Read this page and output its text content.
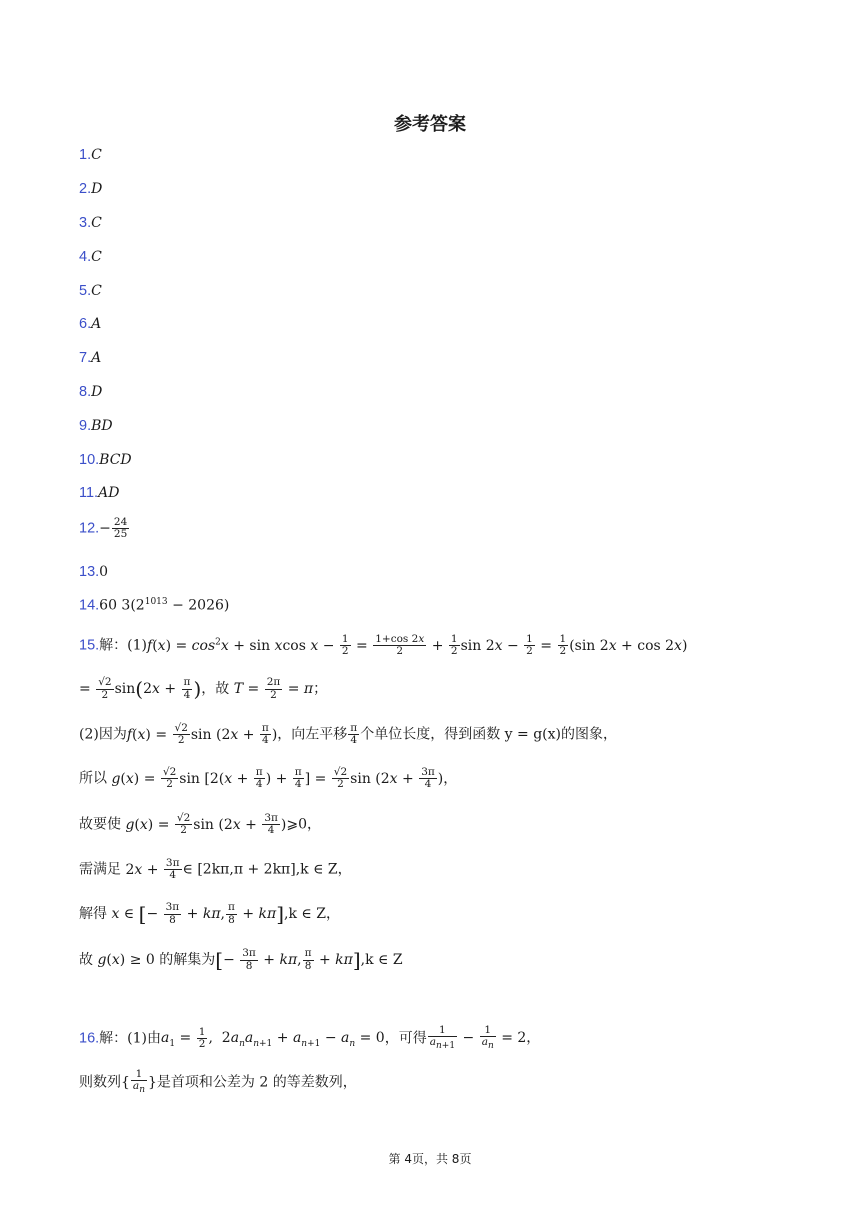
参考答案
1.C
2.D
3.C
4.C
5.C
6.A
7.A
8.D
9.BD
10.BCD
11.AD
$12.- \frac{24}{25}$
13.0
14.60 $3(2^{1013} - 2026)$
15.解：$(1)f(x) = \cos^2x + \sin xcos$ $x - \frac{1}{2} = \frac{1+\cos 2x}{2} + \frac{1}{2}$ $\sin 2x - \frac{1}{2} = \frac{1}{2} (\sin$ 2x + cos 2x)
= $\frac{√2}{2} \sin(2x + \frac{\pi}{4}$ )，故 $T = \frac{2\pi}{2} = \pi$；
(2)因为$f(x) = \frac{√2}{2}$ $\sin (2x + \frac{\pi}{4}$ )，向左平移 $\frac{\pi}{4}$ 个单位长度，得到函数 y = g(x)的图象，
所以 $g(x) = \frac{√2}{2}$ $\sin [2(x + \frac{\pi}{4}$ ) + $\frac{\pi}{4}$ ] = $\frac{√2}{2}$ $\sin (2x + \frac{3\pi}{4}$ )，
故要使 $g(x) = \frac{√2}{2}$ $\sin (2x + \frac{3\pi}{4}$ )⩾0，
需满足 $2x + \frac{3\pi}{4}$ ∈ [2kπ,π + 2kπ],k ∈ Z，
解得 x ∈ [− $\frac{3\pi}{8} + k\pi$, $\frac{\pi}{8} + k\pi],k$ ∈ Z，
故 g(x) ≥ 0 的解集为[− $\frac{3\pi}{8} + k\pi$, $\frac{\pi}{8} + k\pi],k$ ∈ Z
16.解：(1)由$a_1 = \frac{1}{2}$ ,  $2a_na_{n+1} + a_{n+1} - a_n = 0$，可得 $\frac{1}{a_{n+1}} - \frac{1}{a_n} = 2$，
则数列{ $\frac{1}{a_n}$ }是首项和公差为 2 的等差数列，
第 4页，共 8页
